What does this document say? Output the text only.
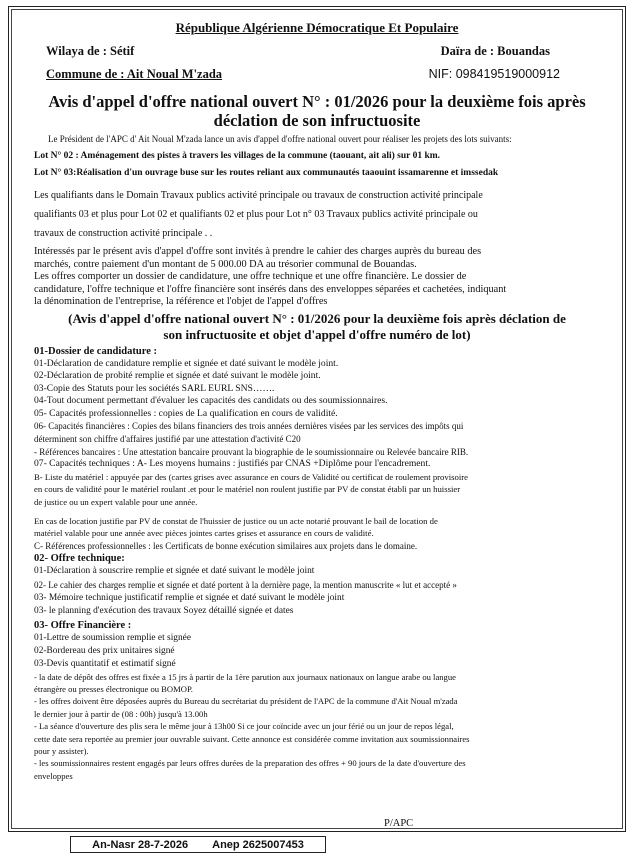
République Algérienne Démocratique Et Populaire
Wilaya de : Sétif	Daïra de : Bouandas
Commune de : Ait Noual M'zada	NIF: 098419519000912
Avis d'appel d'offre national ouvert N° : 01/2026 pour la deuxième fois après
déclation de son infructuosite
Le Président de l'APC d' Ait Noual M'zada lance un avis d'appel d'offre national ouvert pour réaliser les projets des lots suivants:
Lot N° 02 : Aménagement des pistes à travers les villages de la commune (taouant, ait ali) sur 01 km.
Lot N° 03:Réalisation d'un ouvrage buse sur les routes reliant aux communautés taaouint issamarenne et imssedak
Les qualifiants dans le Domain Travaux publics activité principale ou travaux de construction activité principale
qualifiants 03 et plus pour Lot 02 et qualifiants 02 et plus pour Lot n° 03 Travaux publics activité principale ou
travaux de construction activité principale . .
Intéressés par le présent avis d'appel d'offre sont invités à prendre le cahier des charges auprès du bureau des
marchés, contre paiement d'un montant de 5 000.00 DA au trésorier communal de Bouandas.
Les offres comporter un dossier de candidature, une offre technique et une offre financière. Le dossier de
candidature, l'offre technique et l'offre financière sont insérés dans des enveloppes séparées et cachetées, indiquant
la dénomination de l'entreprise, la référence et l'objet de l'appel d'offres
(Avis d'appel d'offre national ouvert N° : 01/2026 pour la deuxième fois après déclation de
son infructuosite et objet d'appel d'offre numéro de lot)
01-Dossier de candidature :
01-Déclaration de candidature remplie et signée et daté suivant le modèle joint.
02-Déclaration de probité remplie et signée et daté suivant le modèle joint.
03-Copie des Statuts pour les sociétés SARL EURL SNS…….
04-Tout document permettant d'évaluer les capacités des candidats ou des soumissionnaires.
05- Capacités professionnelles : copies de La qualification en cours de validité.
06- Capacités financières : Copies des bilans financiers des trois années dernières visées par les services des impôts qui
déterminent son chiffre d'affaires justifié par une attestation d'activité C20
- Références bancaires : Une attestation bancaire prouvant la biographie de le soumissionnaire ou Relevée bancaire RIB.
07- Capacités techniques : A- Les moyens humains : justifiés par CNAS +Diplôme pour l'encadrement.
B- Liste du matériel : appuyée par des (cartes grises avec assurance en cours de Validité ou certificat de roulement provisoire
en cours de validité pour le matériel roulant .et pour le matériel non roulent justifie par PV de constat établi par un huissier
de justice ou un expert valable pour une année.
En cas de location justifie par PV de constat de l'huissier de justice ou un acte notarié prouvant le bail de location de
matériel valable pour une année avec pièces jointes cartes grises et assurance en cours de validité.
C- Références professionnelles : les Certificats de bonne exécution similaires aux projets dans le domaine.
02- Offre technique:
01-Déclaration à souscrire remplie et signée et daté suivant le modèle joint
02- Le cahier des charges remplie et signée et daté portent à la dernière page, la mention manuscrite « lut et accepté »
03- Mémoire technique justificatif remplie et signée et daté suivant le modèle joint
03- le planning d'exécution des travaux Soyez détaillé signée et dates
03- Offre Financière :
01-Lettre de soumission remplie et signée
02-Bordereau des prix unitaires signé
03-Devis quantitatif et estimatif signé
- la date de dépôt des offres est fixée a 15 jrs à partir de la 1ère parution aux journaux nationaux on langue arabe ou langue
étrangère ou presses électronique ou BOMOP.
- les offres doivent être déposées auprès du Bureau du secrétariat du président de l'APC de la commune d'Ait Noual m'zada
le dernier jour à partir de (08 : 00h) jusqu'à 13.00h
- La séance d'ouverture des plis sera le même jour à 13h00 Si ce jour coïncide avec un jour férié ou un jour de repos légal,
cette date sera reportée au premier jour ouvrable suivant. Cette annonce est considérée comme invitation aux soumissionnaires
pour y assister).
- les soumissionnaires restent engagés par leurs offres durées de la preparation des offres + 90 jours de la date d'ouverture des
enveloppes
P/APC
An-Nasr 28-7-2026 Anep 2625007453
